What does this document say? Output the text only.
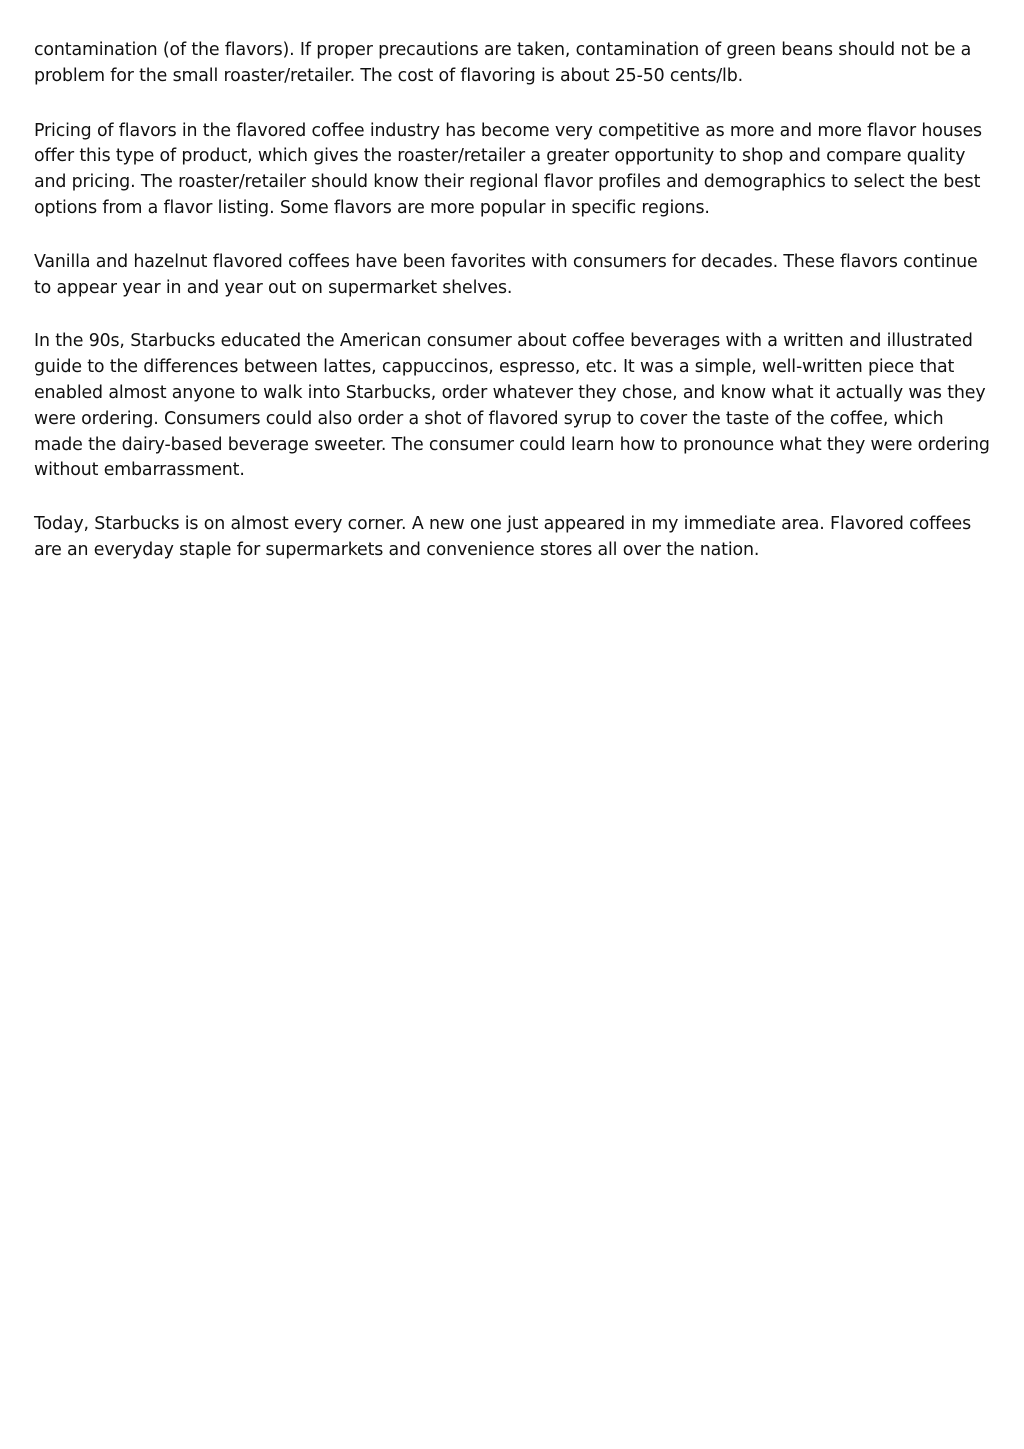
contamination (of the flavors). If proper precautions are taken, contamination of green beans should not be a problem for the small roaster/retailer. The cost of flavoring is about 25-50 cents/lb.

Pricing of flavors in the flavored coffee industry has become very competitive as more and more flavor houses offer this type of product, which gives the roaster/retailer a greater opportunity to shop and compare quality and pricing. The roaster/retailer should know their regional flavor profiles and demographics to select the best options from a flavor listing. Some flavors are more popular in specific regions.

Vanilla and hazelnut flavored coffees have been favorites with consumers for decades. These flavors continue to appear year in and year out on supermarket shelves.

In the 90s, Starbucks educated the American consumer about coffee beverages with a written and illustrated guide to the differences between lattes, cappuccinos, espresso, etc. It was a simple, well-written piece that enabled almost anyone to walk into Starbucks, order whatever they chose, and know what it actually was they were ordering. Consumers could also order a shot of flavored syrup to cover the taste of the coffee, which made the dairy-based beverage sweeter. The consumer could learn how to pronounce what they were ordering without embarrassment.

Today, Starbucks is on almost every corner. A new one just appeared in my immediate area. Flavored coffees are an everyday staple for supermarkets and convenience stores all over the nation.
